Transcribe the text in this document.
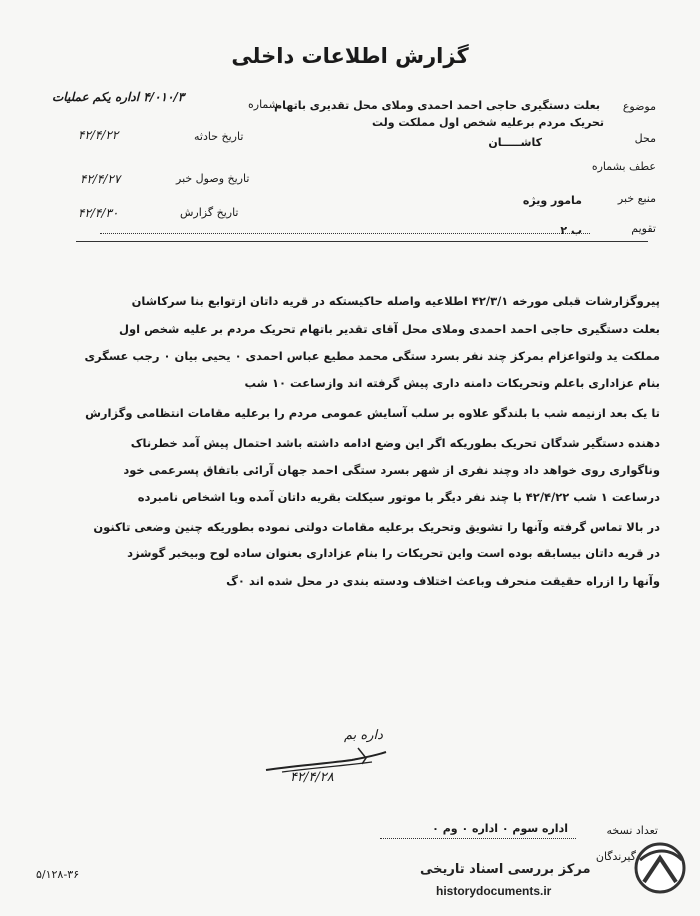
گزارش اطلاعات داخلی
موضوع
بعلت دستگیری حاجی احمد احمدی وملای محل تقدیری باتهام
تحریک مردم برعلیه شخص اول مملکت ولت
محل
کاشـــــان
عطف بشماره
منبع خبر
مامور ویژه
تقویم
ب ۲
شماره
۴/۰۱۰/۳ اداره یکم عملیات
تاریخ حادثه
۴۲/۴/۲۲
تاریخ وصول خبر
۴۲/۴/۲۷
تاریخ گزارش
۴۲/۴/۳۰
پیروگزارشات قبلی مورخه ۴۲/۳/۱ اطلاعیه واصله حاکیستکه در قریه داتان ازتوابع بنا سرکاشان
بعلت دستگیری حاجی احمد احمدی وملای محل آقای تقدیر باتهام تحریک مردم بر علیه شخص اول
مملکت ید ولتواعزام بمرکز چند نفر بسرد ستگی محمد مطیع عباس احمدی ۰ یحیی بیان ۰ رجب عسگری
بنام عزاداری باعلم وتحریکات دامنه داری پیش گرفته اند وازساعت ۱۰ شب
تا یک بعد ازنیمه شب با بلندگو علاوه بر سلب آسایش عمومی مردم را برعلیه مقامات انتظامی وگزارش
دهنده دستگیر شدگان تحریک بطوریکه اگر این وضع ادامه داشته باشد احتمال پیش آمد خطرناک
وناگواری روی خواهد داد وچند نفری از شهر بسرد ستگی احمد جهان آرائی باتفاق پسرعمی خود
درساعت ۱ شب ۴۲/۴/۲۲ با چند نفر دیگر با موتور سیکلت بقریه داتان آمده وبا اشخاص نامبرده
در بالا تماس گرفته وآنها را تشویق وتحریک برعلیه مقامات دولتی نموده بطوریکه چنین وضعی تاکنون
در قریه داتان بیسابقه بوده است واین تحریکات را بنام عزاداری بعنوان ساده لوح وبیخبر گوشزد
وآنها را ازراه حقیقت منحرف وباعث اختلاف ودسته بندی در محل شده اند ۰گ
داره بم
۴۲/۴/۲۸
تعداد نسخه
اداره سوم ۰ اداره ۰ وم ۰
گیرندگان
۵/۱۲۸-۳۶	مرکز بررسی اسناد تاریخی
historydocuments.ir
